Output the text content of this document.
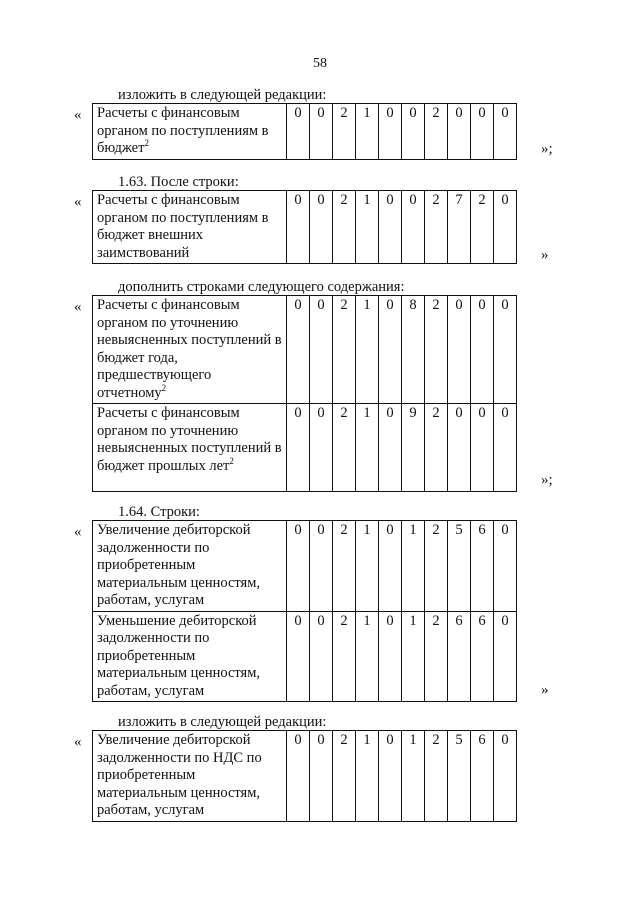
58
изложить в следующей редакции:
« Расчеты с финансовым органом по поступлениям в бюджет$^2$	0	0	2	1	0	0	2	0	0	0
»;
1.63. После строки:
« Расчеты с финансовым органом по поступлениям в бюджет внешних заимствований	0	0	2	1	0	0	2	7	2	0
»
дополнить строками следующего содержания:
« Расчеты с финансовым органом по уточнению невыясненных поступлений в бюджет года, предшествующего отчетному$^2$	0	0	2	1	0	8	2	0	0	0
Расчеты с финансовым органом по уточнению невыясненных поступлений в бюджет прошлых лет$^2$	0	0	2	1	0	9	2	0	0	0
»;
1.64. Строки:
« Увеличение дебиторской задолженности по приобретенным материальным ценностям, работам, услугам	0	0	2	1	0	1	2	5	6	0
Уменьшение дебиторской задолженности по приобретенным материальным ценностям, работам, услугам	0	0	2	1	0	1	2	6	6	0
»
изложить в следующей редакции:
« Увеличение дебиторской задолженности по НДС по приобретенным материальным ценностям, работам, услугам	0	0	2	1	0	1	2	5	6	0
